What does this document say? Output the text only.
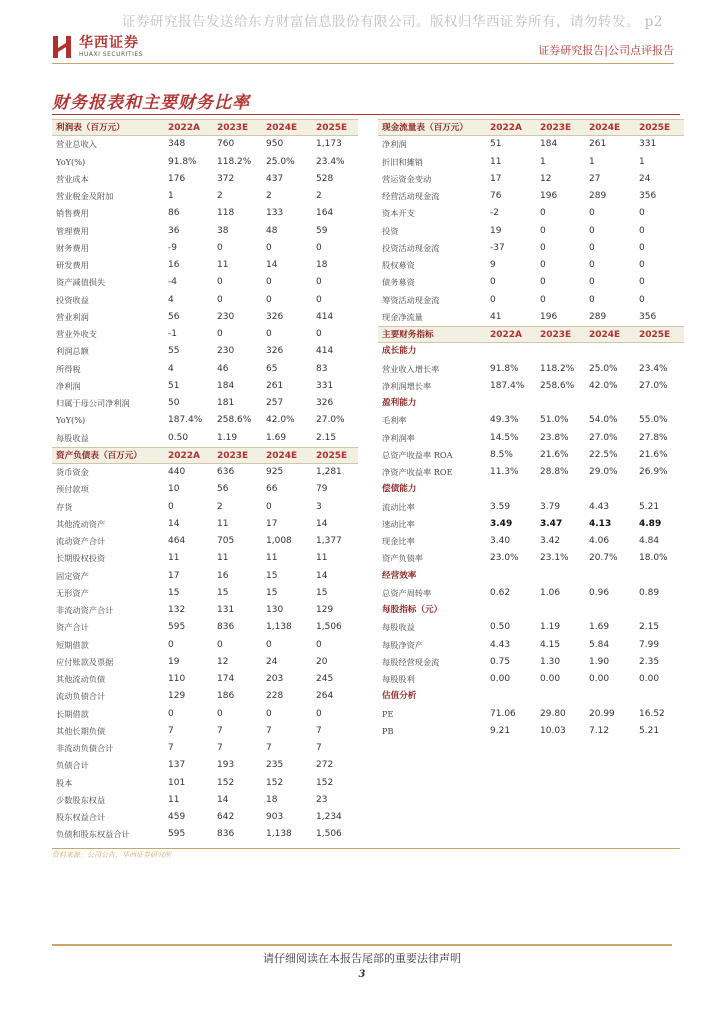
证券研究报告发送给东方财富信息股份有限公司。版权归华西证券所有，请勿转发。 p2
华西证券
HUAXI SECURITIES	证券研究报告|公司点评报告
财务报表和主要财务比率
利润表（百万元）	2022A 2023E 2024E 2025E
营业总收入	348	760	950	1,173
YoY(%)	91.8% 118.2% 25.0% 23.4%
营业成本	176	372	437	528
营业税金及附加	1	2	2	2
销售费用	86	118	133	164
管理费用	36	38	48	59
财务费用	-9	0	0	0
研发费用	16	11	14	18
资产减值损失	-4	0	0	0
投资收益	4	0	0	0
营业利润	56	230	326	414
营业外收支	-1	0	0	0
利润总额	55	230	326	414
所得税	4	46	65	83
净利润	51	184	261	331
归属于母公司净利润	50	181	257	326
YoY(%)	187.4% 258.6% 42.0% 27.0%
每股收益	0.50	1.19	1.69	2.15
资产负债表（百万元）	2022A 2023E 2024E 2025E
货币资金	440	636	925	1,281
预付款项	10	56	66	79
存货	0	2	0	3
其他流动资产	14	11	17	14
流动资产合计	464	705	1,008	1,377
长期股权投资	11	11	11	11
固定资产	17	16	15	14
无形资产	15	15	15	15
非流动资产合计	132	131	130	129
资产合计	595	836	1,138	1,506
短期借款	0	0	0	0
应付账款及票据	19	12	24	20
其他流动负债	110	174	203	245
流动负债合计	129	186	228	264
长期借款	0	0	0	0
其他长期负债	7	7	7	7
非流动负债合计	7	7	7	7
负债合计	137	193	235	272
股本	101	152	152	152
少数股东权益	11	14	18	23
股东权益合计	459	642	903	1,234
负债和股东权益合计	595	836	1,138	1,506
现金流量表（百万元） 2022A 2023E 2024E 2025E
净利润	51	184	261	331
折旧和摊销	11	1	1	1
营运资金变动	17	12	27	24
经营活动现金流	76	196	289	356
资本开支	-2	0	0	0
投资	19	0	0	0
投资活动现金流	-37	0	0	0
股权募资	9	0	0	0
债务募资	0	0	0	0
筹资活动现金流	0	0	0	0
现金净流量	41	196	289	356
主要财务指标	2022A 2023E 2024E 2025E
成长能力
营业收入增长率	91.8% 118.2% 25.0% 23.4%
净利润增长率	187.4% 258.6% 42.0% 27.0%
盈利能力
毛利率	49.3% 51.0% 54.0% 55.0%
净利润率	14.5% 23.8% 27.0% 27.8%
总资产收益率 ROA	8.5%	21.6% 22.5% 21.6%
净资产收益率 ROE	11.3% 28.8% 29.0% 26.9%
偿债能力
流动比率	3.59	3.79	4.43	5.21
速动比率	3.49	3.47	4.13	4.89
现金比率	3.40	3.42	4.06	4.84
资产负债率	23.0% 23.1% 20.7% 18.0%
经营效率
总资产周转率	0.62	1.06	0.96	0.89
每股指标（元）
每股收益	0.50	1.19	1.69	2.15
每股净资产	4.43	4.15	5.84	7.99
每股经营现金流	0.75	1.30	1.90	2.35
每股股利	0.00	0.00	0.00	0.00
估值分析
PE	71.06	29.80	20.99	16.52
PB	9.21	10.03	7.12	5.21
资料来源：公司公告，华西证券研究所
请仔细阅读在本报告尾部的重要法律声明
3
